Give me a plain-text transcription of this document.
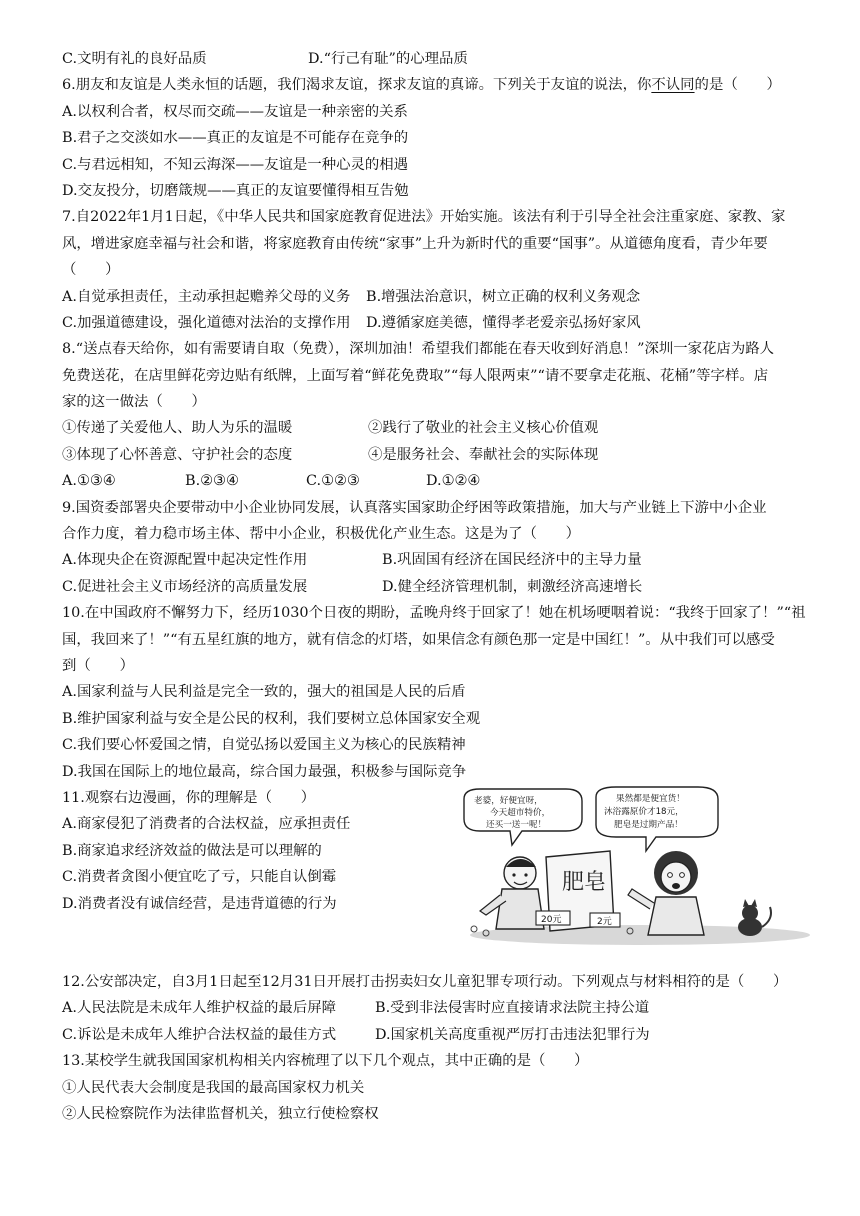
C.文明有礼的良好品质	D.“行己有耻”的心理品质
6.朋友和友谊是人类永恒的话题，我们渴求友谊，探求友谊的真谛。下列关于友谊的说法，你不认同的是（　　）
A.以权利合者，权尽而交疏——友谊是一种亲密的关系
B.君子之交淡如水——真正的友谊是不可能存在竞争的
C.与君远相知，不知云海深——友谊是一种心灵的相遇
D.交友投分，切磨箴规——真正的友谊要懂得相互告勉
7.自2022年1月1日起，《中华人民共和国家庭教育促进法》开始实施。该法有利于引导全社会注重家庭、家教、家
风，增进家庭幸福与社会和谐，将家庭教育由传统“家事”上升为新时代的重要“国事”。从道德角度看，青少年要
（　　）
A.自觉承担责任，主动承担起赡养父母的义务 B.增强法治意识，树立正确的权利义务观念
C.加强道德建设，强化道德对法治的支撑作用 D.遵循家庭美德，懂得孝老爱亲弘扬好家风
8.“送点春天给你，如有需要请自取（免费），深圳加油！希望我们都能在春天收到好消息！”深圳一家花店为路人
免费送花，在店里鲜花旁边贴有纸牌，上面写着“鲜花免费取”“每人限两束”“请不要拿走花瓶、花桶”等字样。店
家的这一做法（　　）
①传递了关爱他人、助人为乐的温暖	②践行了敬业的社会主义核心价值观
③体现了心怀善意、守护社会的态度	④是服务社会、奉献社会的实际体现
A.①③④	B.②③④	C.①②③	D.①②④
9.国资委部署央企要带动中小企业协同发展，认真落实国家助企纾困等政策措施，加大与产业链上下游中小企业
合作力度，着力稳市场主体、帮中小企业，积极优化产业生态。这是为了（　　）
A.体现央企在资源配置中起决定性作用	B.巩固国有经济在国民经济中的主导力量
C.促进社会主义市场经济的高质量发展	D.健全经济管理机制，刺激经济高速增长
10.在中国政府不懈努力下，经历1030个日夜的期盼，孟晚舟终于回家了！她在机场哽咽着说：“我终于回家了！”“祖
国，我回来了！”“有五星红旗的地方，就有信念的灯塔，如果信念有颜色那一定是中国红！”。从中我们可以感受
到（　　）
A.国家利益与人民利益是完全一致的，强大的祖国是人民的后盾
B.维护国家利益与安全是公民的权利，我们要树立总体国家安全观
C.我们要心怀爱国之情，自觉弘扬以爱国主义为核心的民族精神
D.我国在国际上的地位最高，综合国力最强，积极参与国际竞争
11.观察右边漫画，你的理解是（　　）
A.商家侵犯了消费者的合法权益，应承担责任
B.商家追求经济效益的做法是可以理解的
C.消费者贪图小便宜吃了亏，只能自认倒霉
D.消费者没有诚信经营，是违背道德的行为
老婆，好便宜呀，
今天超市特价，
还买一送一呢！
果然都是便宜货！
沐浴露原价才18元，
肥皂是过期产品！
肥皂
20元	2元
12.公安部决定，自3月1日起至12月31日开展打击拐卖妇女儿童犯罪专项行动。下列观点与材料相符的是（　　）
A.人民法院是未成年人维护权益的最后屏障	B.受到非法侵害时应直接请求法院主持公道
C.诉讼是未成年人维护合法权益的最佳方式	D.国家机关高度重视严厉打击违法犯罪行为
13.某校学生就我国国家机构相关内容梳理了以下几个观点，其中正确的是（　　）
①人民代表大会制度是我国的最高国家权力机关
②人民检察院作为法律监督机关，独立行使检察权
